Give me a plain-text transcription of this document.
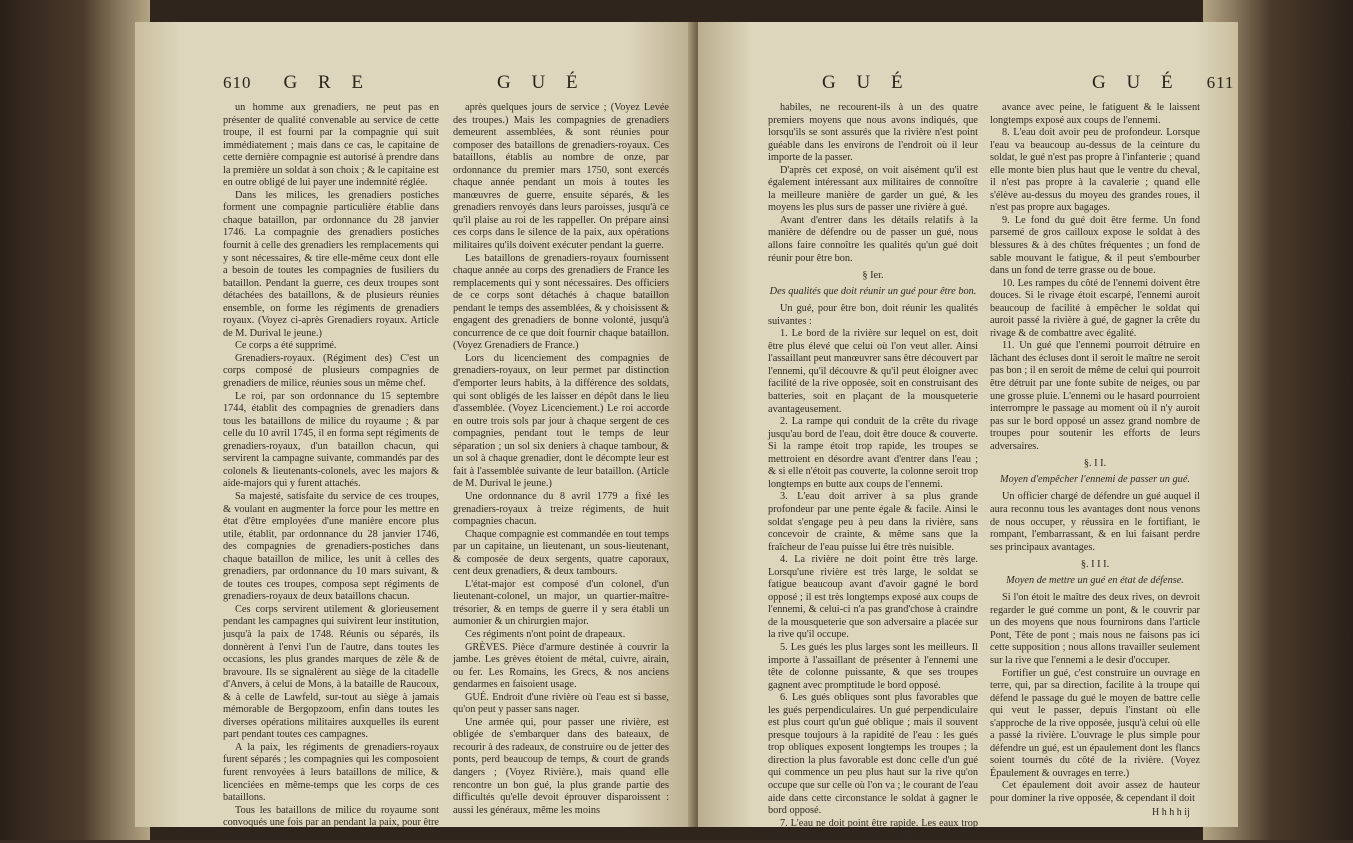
610 G R E	G U É

un homme aux grenadiers, ne peut pas en présenter de qualité convenable au service de cette troupe, il est fourni par la compagnie qui suit immédiatement ; mais dans ce cas, le capitaine de cette dernière compagnie est autorisé à prendre dans la première un soldat à son choix ; & le capitaine est en outre obligé de lui payer une indemnité réglée.

Dans les milices, les grenadiers postiches forment une compagnie particulière établie dans chaque bataillon, par ordonnance du 28 janvier 1746. La compagnie des grenadiers postiches fournit à celle des grenadiers les remplacements qui y sont nécessaires, & tire elle-même ceux dont elle a besoin de toutes les compagnies de fusiliers du bataillon. Pendant la guerre, ces deux troupes sont détachées des bataillons, & de plusieurs réunies ensemble, on forme les régiments de grenadiers royaux. (Voyez ci-après Grenadiers royaux. Article de M. Durival le jeune.)

Ce corps a été supprimé.

Grenadiers-royaux. (Régiment des) C'est un corps composé de plusieurs compagnies de grenadiers de milice, réunies sous un même chef.

Le roi, par son ordonnance du 15 septembre 1744, établit des compagnies de grenadiers dans tous les bataillons de milice du royaume ; & par celle du 10 avril 1745, il en forma sept régiments de grenadiers-royaux, d'un bataillon chacun, qui servirent la campagne suivante, commandés par des colonels & lieutenants-colonels, avec les majors & aide-majors qui y furent attachés.

Sa majesté, satisfaite du service de ces troupes, & voulant en augmenter la force pour les mettre en état d'être employées d'une manière encore plus utile, établit, par ordonnance du 28 janvier 1746, des compagnies de grenadiers-postiches dans chaque bataillon de milice, les unit à celles des grenadiers, par ordonnance du 10 mars suivant, & de toutes ces troupes, composa sept régiments de grenadiers-royaux de deux bataillons chacun.

Ces corps servirent utilement & glorieusement pendant les campagnes qui suivirent leur institution, jusqu'à la paix de 1748. Réunis ou séparés, ils donnèrent à l'envi l'un de l'autre, dans toutes les occasions, les plus grandes marques de zèle & de bravoure. Ils se signalèrent au siège de la citadelle d'Anvers, à celui de Mons, à la bataille de Raucoux, & à celle de Lawfeld, sur-tout au siège à jamais mémorable de Bergopzoom, enfin dans toutes les diverses opérations militaires auxquelles ils eurent part pendant toutes ces campagnes.

A la paix, les régiments de grenadiers-royaux furent séparés ; les compagnies qui les composoient furent renvoyées à leurs bataillons de milice, & licenciées en même-temps que les corps de ces bataillons.

Tous les bataillons de milice du royaume sont convoqués une fois par an pendant la paix, pour être recrutés & passer en revue, & sont séparés

après quelques jours de service ; (Voyez Levée des troupes.) Mais les compagnies de grenadiers demeurent assemblées, & sont réunies pour composer des bataillons de grenadiers-royaux. Ces bataillons, établis au nombre de onze, par ordonnance du premier mars 1750, sont exercés chaque année pendant un mois à toutes les manœuvres de guerre, ensuite séparés, & les grenadiers renvoyés dans leurs paroisses, jusqu'à ce qu'il plaise au roi de les rappeller. On prépare ainsi ces corps dans le silence de la paix, aux opérations militaires qu'ils doivent exécuter pendant la guerre.

Les bataillons de grenadiers-royaux fournissent chaque année au corps des grenadiers de France les remplacements qui y sont nécessaires. Des officiers de ce corps sont détachés à chaque bataillon pendant le temps des assemblées, & y choisissent & engagent des grenadiers de bonne volonté, jusqu'à concurrence de ce que doit fournir chaque bataillon. (Voyez Grenadiers de France.)

Lors du licenciement des compagnies de grenadiers-royaux, on leur permet par distinction d'emporter leurs habits, à la différence des soldats, qui sont obligés de les laisser en dépôt dans le lieu d'assemblée. (Voyez Licenciement.) Le roi accorde en outre trois sols par jour à chaque sergent de ces compagnies, pendant tout le temps de leur séparation ; un sol six deniers à chaque tambour, & un sol à chaque grenadier, dont le décompte leur est fait à l'assemblée suivante de leur bataillon. (Article de M. Durival le jeune.)

Une ordonnance du 8 avril 1779 a fixé les grenadiers-royaux à treize régiments, de huit compagnies chacun.

Chaque compagnie est commandée en tout temps par un capitaine, un lieutenant, un sous-lieutenant, & composée de deux sergents, quatre caporaux, cent deux grenadiers, & deux tambours.

L'état-major est composé d'un colonel, d'un lieutenant-colonel, un major, un quartier-maître-trésorier, & en temps de guerre il y sera établi un aumonier & un chirurgien major.

Ces régiments n'ont point de drapeaux.

GRÈVES. Pièce d'armure destinée à couvrir la jambe. Les grèves étoient de métal, cuivre, airain, ou fer. Les Romains, les Grecs, & nos anciens gendarmes en faisoient usage.

GUÉ. Endroit d'une rivière où l'eau est si basse, qu'on peut y passer sans nager.

Une armée qui, pour passer une rivière, est obligée de s'embarquer dans des bateaux, de recourir à des radeaux, de construire ou de jetter des ponts, perd beaucoup de temps, & court de grands dangers ; (Voyez Rivière.), mais quand elle rencontre un bon gué, la plus grande partie des difficultés qu'elle devoit éprouver disparoissent : aussi les généraux, même les moins

G U É	G U É 611

habiles, ne recourent-ils à un des quatre premiers moyens que nous avons indiqués, que lorsqu'ils se sont assurés que la rivière n'est point guéable dans les environs de l'endroit où il leur importe de la passer.

D'après cet exposé, on voit aisément qu'il est également intéressant aux militaires de connoître la meilleure manière de garder un gué, & les moyens les plus surs de passer une rivière à gué.

Avant d'entrer dans les détails relatifs à la manière de défendre ou de passer un gué, nous allons faire connoître les qualités qu'un gué doit réunir pour être bon.

§ Ier.

Des qualités que doit réunir un gué pour être bon.

Un gué, pour être bon, doit réunir les qualités suivantes :

1. Le bord de la rivière sur lequel on est, doit être plus élevé que celui où l'on veut aller. Ainsi l'assaillant peut manœuvrer sans être découvert par l'ennemi, qu'il découvre & qu'il peut éloigner avec facilité de la rive opposée, soit en construisant des batteries, soit en plaçant de la mousqueterie avantageusement.

2. La rampe qui conduit de la crête du rivage jusqu'au bord de l'eau, doit être douce & couverte. Si la rampe étoit trop rapide, les troupes se mettroient en désordre avant d'entrer dans l'eau ; & si elle n'étoit pas couverte, la colonne seroit trop longtemps en butte aux coups de l'ennemi.

3. L'eau doit arriver à sa plus grande profondeur par une pente égale & facile. Ainsi le soldat s'engage peu à peu dans la rivière, sans concevoir de crainte, & même sans que la fraîcheur de l'eau puisse lui être très nuisible.

4. La rivière ne doit point être très large. Lorsqu'une rivière est très large, le soldat se fatigue beaucoup avant d'avoir gagné le bord opposé ; il est très longtemps exposé aux coups de l'ennemi, & celui-ci n'a pas grand'chose à craindre de la mousqueterie que son adversaire a placée sur la rive qu'il occupe.

5. Les gués les plus larges sont les meilleurs. Il importe à l'assaillant de présenter à l'ennemi une tête de colonne puissante, & que ses troupes gagnent avec promptitude le bord opposé.

6. Les gués obliques sont plus favorables que les gués perpendiculaires. Un gué perpendiculaire est plus court qu'un gué oblique ; mais il souvent presque toujours à la rapidité de l'eau : les gués trop obliques exposent longtemps les troupes ; la direction la plus favorable est donc celle d'un gué qui commence un peu plus haut sur la rive qu'on occupe que sur celle où l'on va ; le courant de l'eau aide dans cette circonstance le soldat à gagner le bord opposé.

7. L'eau ne doit point être rapide. Les eaux trop rapides entraînent le soldat, ou font au moins qu'il

avance avec peine, le fatiguent & le laissent longtemps exposé aux coups de l'ennemi.

8. L'eau doit avoir peu de profondeur. Lorsque l'eau va beaucoup au-dessus de la ceinture du soldat, le gué n'est pas propre à l'infanterie ; quand elle monte bien plus haut que le ventre du cheval, il n'est pas propre à la cavalerie ; quand elle s'élève au-dessus du moyeu des grandes roues, il n'est pas propre aux bagages.

9. Le fond du gué doit être ferme. Un fond parsemé de gros cailloux expose le soldat à des blessures & à des chûtes fréquentes ; un fond de sable mouvant le fatigue, & il peut s'embourber dans un fond de terre grasse ou de boue.

10. Les rampes du côté de l'ennemi doivent être douces. Si le rivage étoit escarpé, l'ennemi auroit beaucoup de facilité à empêcher le soldat qui auroit passé la rivière à gué, de gagner la crête du rivage & de combattre avec égalité.

11. Un gué que l'ennemi pourroit détruire en lâchant des écluses dont il seroit le maître ne seroit pas bon ; il en seroit de même de celui qui pourroit être détruit par une fonte subite de neiges, ou par une grosse pluie. L'ennemi ou le hasard pourroient interrompre le passage au moment où il n'y auroit pas sur le bord opposé un assez grand nombre de troupes pour soutenir les efforts de leurs adversaires.

§. I I.

Moyen d'empêcher l'ennemi de passer un gué.

Un officier chargé de défendre un gué auquel il aura reconnu tous les avantages dont nous venons de nous occuper, y réussira en le fortifiant, le rompant, l'embarrassant, & en lui faisant perdre ses principaux avantages.

§. I I I.

Moyen de mettre un gué en état de défense.

Si l'on étoit le maître des deux rives, on devroit regarder le gué comme un pont, & le couvrir par un des moyens que nous fournirons dans l'article Pont, Tête de pont ; mais nous ne faisons pas ici cette supposition ; nous allons travailler seulement sur la rive que l'ennemi a le desir d'occuper.

Fortifier un gué, c'est construire un ouvrage en terre, qui, par sa direction, facilite à la troupe qui défend le passage du gué le moyen de battre celle qui veut le passer, depuis l'instant où elle s'approche de la rive opposée, jusqu'à celui où elle a passé la rivière. L'ouvrage le plus simple pour défendre un gué, est un épaulement dont les flancs soient tournés du côté de la rivière. (Voyez Épaulement & ouvrages en terre.)

Cet épaulement doit avoir assez de hauteur pour dominer la rive opposée, & cependant il doit

H h h h ij
